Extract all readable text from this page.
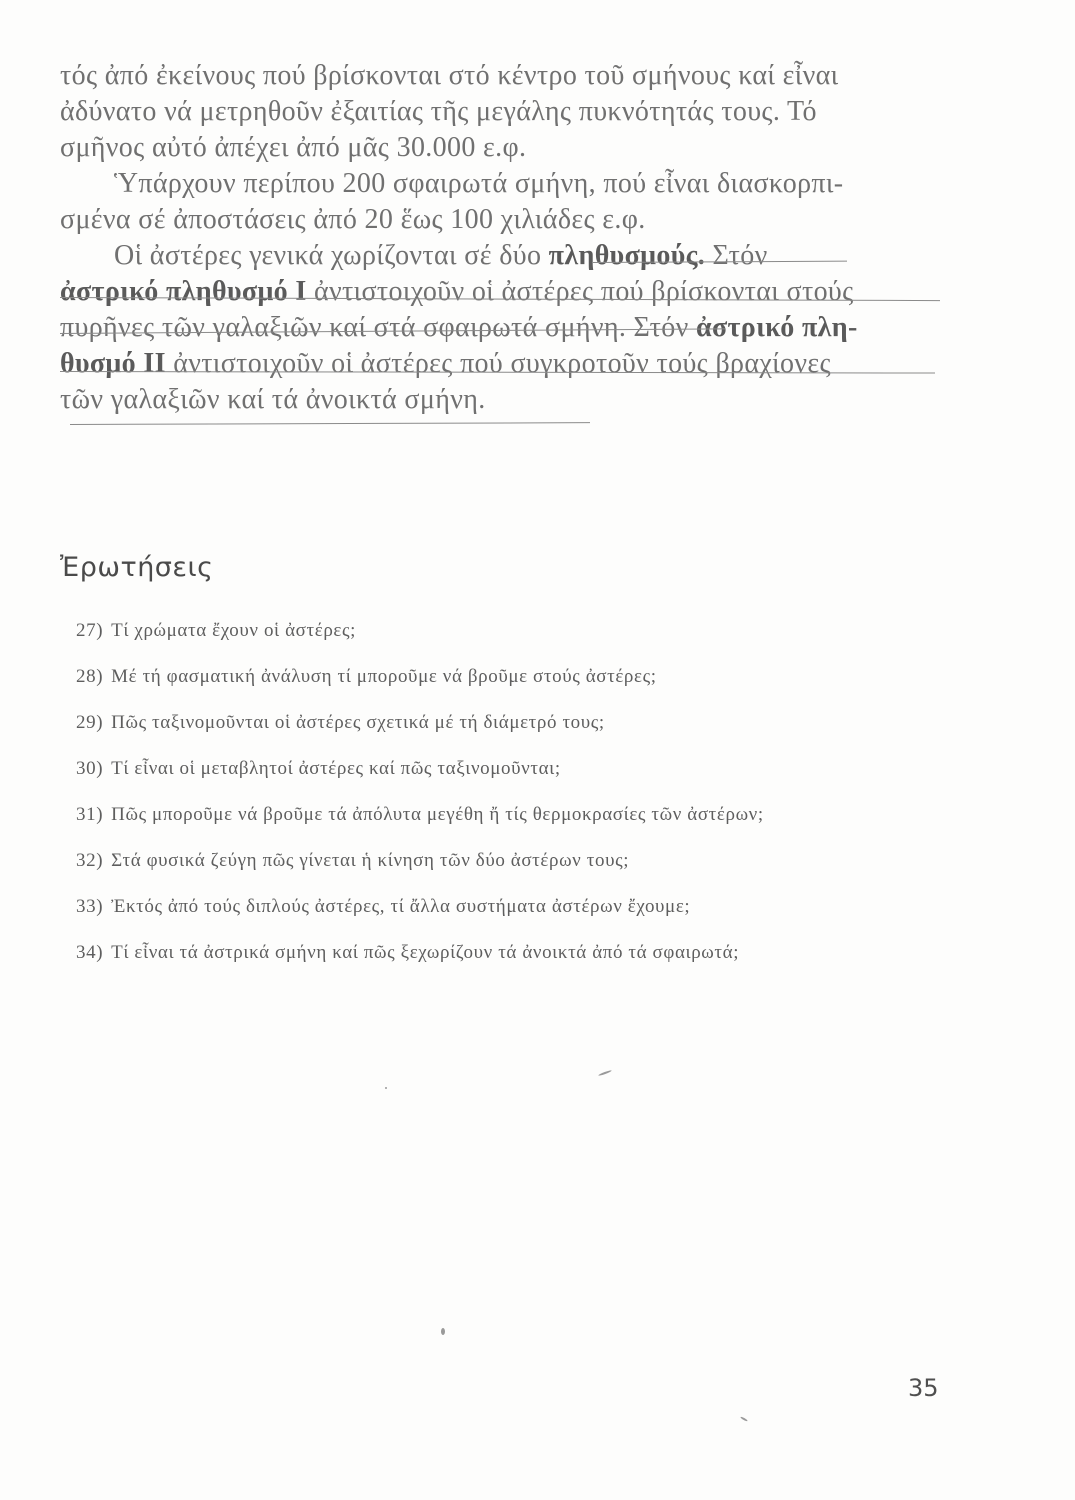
τός ἀπό ἐκείνους πού βρίσκονται στό κέντρο τοῦ σμήνους καί εἶναι
ἀδύνατο νά μετρηθοῦν ἐξαιτίας τῆς μεγάλης πυκνότητάς τους. Τό
σμῆνος αὐτό ἀπέχει ἀπό μᾶς 30.000 ε.φ.
Ὑπάρχουν περίπου 200 σφαιρωτά σμήνη, πού εἶναι διασκορπι-
σμένα σέ ἀποστάσεις ἀπό 20 ἕως 100 χιλιάδες ε.φ.
Οἱ ἀστέρες γενικά χωρίζονται σέ δύο πληθυσμούς. Στόν
ἀστρικό πληθυσμό Ι ἀντιστοιχοῦν οἱ ἀστέρες πού βρίσκονται στούς
πυρῆνες τῶν γαλαξιῶν καί στά σφαιρωτά σμήνη. Στόν ἀστρικό πλη-
θυσμό ΙΙ ἀντιστοιχοῦν οἱ ἀστέρες πού συγκροτοῦν τούς βραχίονες
τῶν γαλαξιῶν καί τά ἀνοικτά σμήνη.
Ἐρωτήσεις
27) Τί χρώματα ἔχουν οἱ ἀστέρες;
28) Μέ τή φασματική ἀνάλυση τί μποροῦμε νά βροῦμε στούς ἀστέρες;
29) Πῶς ταξινομοῦνται οἱ ἀστέρες σχετικά μέ τή διάμετρό τους;
30) Τί εἶναι οἱ μεταβλητοί ἀστέρες καί πῶς ταξινομοῦνται;
31) Πῶς μποροῦμε νά βροῦμε τά ἀπόλυτα μεγέθη ἤ τίς θερμοκρασίες τῶν ἀστέρων;
32) Στά φυσικά ζεύγη πῶς γίνεται ἡ κίνηση τῶν δύο ἀστέρων τους;
33) Ἐκτός ἀπό τούς διπλούς ἀστέρες, τί ἄλλα συστήματα ἀστέρων ἔχουμε;
34) Τί εἶναι τά ἀστρικά σμήνη καί πῶς ξεχωρίζουν τά ἀνοικτά ἀπό τά σφαιρωτά;
35
